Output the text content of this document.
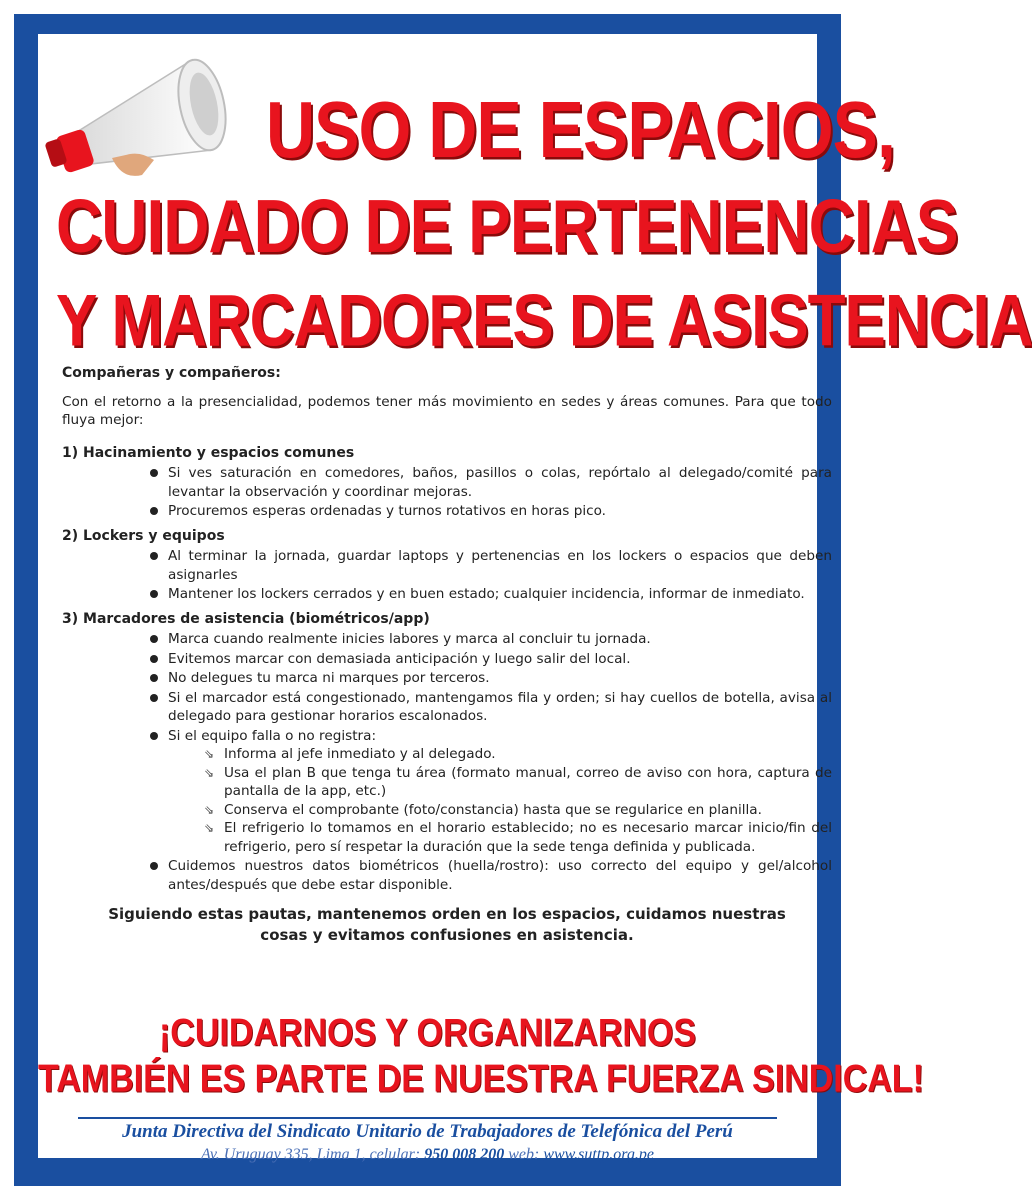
USO DE ESPACIOS,
CUIDADO DE PERTENENCIAS
Y MARCADORES DE ASISTENCIA
Compañeras y compañeros:
Con el retorno a la presencialidad, podemos tener más movimiento en sedes y áreas comunes. Para que todo fluya mejor:
1) Hacinamiento y espacios comunes
Si ves saturación en comedores, baños, pasillos o colas, repórtalo al delegado/comité para levantar la observación y coordinar mejoras.
Procuremos esperas ordenadas y turnos rotativos en horas pico.
2) Lockers y equipos
Al terminar la jornada, guardar laptops y pertenencias en los lockers o espacios que deben asignarles
Mantener los lockers cerrados y en buen estado; cualquier incidencia, informar de inmediato.
3) Marcadores de asistencia (biométricos/app)
Marca cuando realmente inicies labores y marca al concluir tu jornada.
Evitemos marcar con demasiada anticipación y luego salir del local.
No delegues tu marca ni marques por terceros.
Si el marcador está congestionado, mantengamos fila y orden; si hay cuellos de botella, avisa al delegado para gestionar horarios escalonados.
Si el equipo falla o no registra:
⇘ Informa al jefe inmediato y al delegado.
⇘ Usa el plan B que tenga tu área (formato manual, correo de aviso con hora, captura de pantalla de la app, etc.)
⇘ Conserva el comprobante (foto/constancia) hasta que se regularice en planilla.
⇘ El refrigerio lo tomamos en el horario establecido; no es necesario marcar inicio/fin del refrigerio, pero sí respetar la duración que la sede tenga definida y publicada.
Cuidemos nuestros datos biométricos (huella/rostro): uso correcto del equipo y gel/alcohol antes/después que debe estar disponible.
Siguiendo estas pautas, mantenemos orden en los espacios, cuidamos nuestras cosas y evitamos confusiones en asistencia.
¡CUIDARNOS Y ORGANIZARNOS
TAMBIÉN ES PARTE DE NUESTRA FUERZA SINDICAL!
Junta Directiva del Sindicato Unitario de Trabajadores de Telefónica del Perú
Av. Uruguay 335, Lima 1, celular: 950 008 200 web: www.suttp.org.pe
